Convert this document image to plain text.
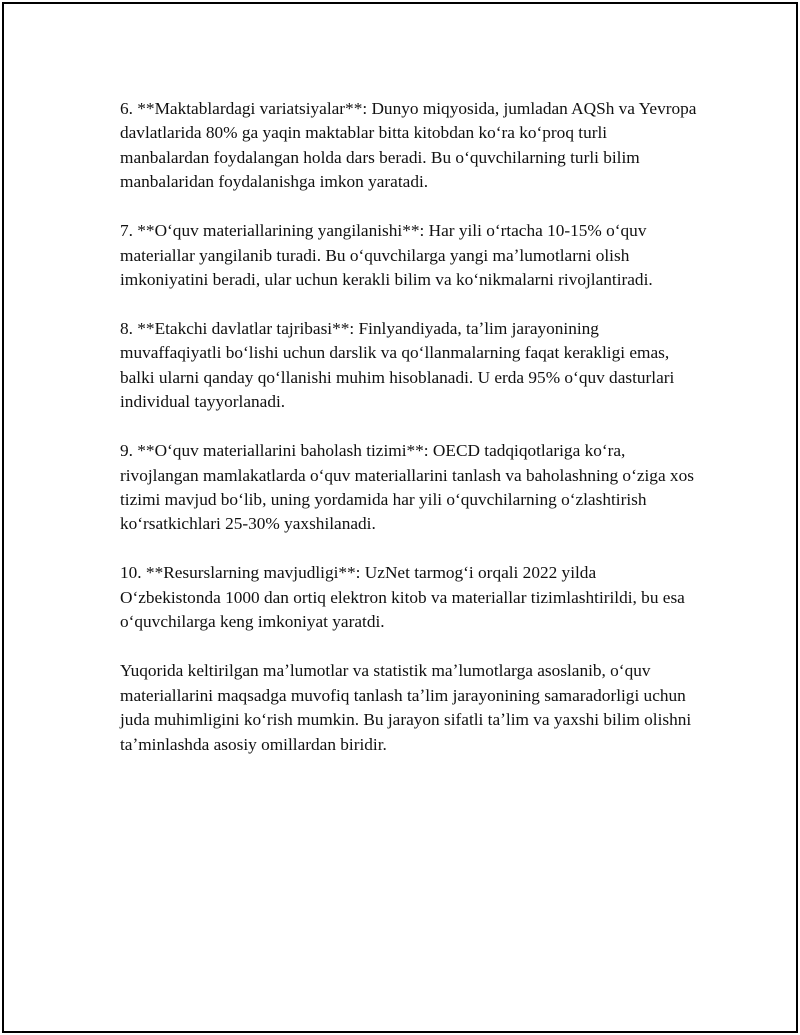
6. **Maktablardagi variatsiyalar**: Dunyo miqyosida, jumladan AQSh va Yevropa davlatlarida 80% ga yaqin maktablar bitta kitobdan koʻra koʻproq turli manbalardan foydalangan holda dars beradi. Bu oʻquvchilarning turli bilim manbalaridan foydalanishga imkon yaratadi.

7. **Oʻquv materiallarining yangilanishi**: Har yili oʻrtacha 10-15% oʻquv materiallar yangilanib turadi. Bu oʻquvchilarga yangi maʼlumotlarni olish imkoniyatini beradi, ular uchun kerakli bilim va koʻnikmalarni rivojlantiradi.

8. **Etakchi davlatlar tajribasi**: Finlyandiyada, taʼlim jarayonining muvaffaqiyatli boʻlishi uchun darslik va qoʻllanmalarning faqat kerakligi emas, balki ularni qanday qoʻllanishi muhim hisoblanadi. U erda 95% oʻquv dasturlari individual tayyorlanadi.

9. **Oʻquv materiallarini baholash tizimi**: OECD tadqiqotlariga koʻra, rivojlangan mamlakatlarda oʻquv materiallarini tanlash va baholashning oʻziga xos tizimi mavjud boʻlib, uning yordamida har yili oʻquvchilarning oʻzlashtirish koʻrsatkichlari 25-30% yaxshilanadi.

10. **Resurslarning mavjudligi**: UzNet tarmogʻi orqali 2022 yilda Oʻzbekistonda 1000 dan ortiq elektron kitob va materiallar tizimlashtirildi, bu esa oʻquvchilarga keng imkoniyat yaratdi.

Yuqorida keltirilgan maʼlumotlar va statistik maʼlumotlarga asoslanib, oʻquv materiallarini maqsadga muvofiq tanlash taʼlim jarayonining samaradorligi uchun juda muhimligini koʻrish mumkin. Bu jarayon sifatli taʼlim va yaxshi bilim olishni taʼminlashda asosiy omillardan biridir.
